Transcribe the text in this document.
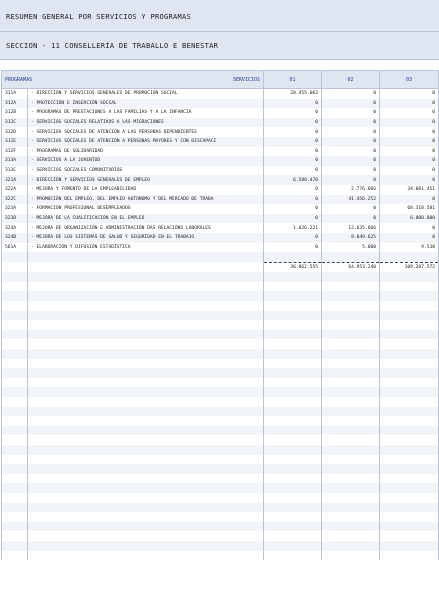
RESUMEN GENERAL POR SERVICIOS Y PROGRAMAS
SECCION - 11 CONSELLERÍA DE TRABALLO E BENESTAR
PROGRAMAS SERVICIOS		01	02	03
311A	- DIRECCIÓN Y SERVICIOS GENERALES DE PROMOCIÓN SOCIAL	28.455.063	0	0
312A	- PROTECCIÓN E INSERCIÓN SOCIAL	0	0	0
312B	- PROGRAMAS DE PRESTACIONES A LAS FAMILIAS Y A LA INFANCIA	0	0	0
312C	- SERVICIOS SOCIALES RELATIVOS A LAS MIGRACIONES	0	0	0
312D	- SERVICIOS SOCIALES DE ATENCIÓN A LAS PERSONAS DEPENDIENTES	0	0	0
312E	- SERVICIOS SOCIALES DE ATENCIÓN A PERSONAS MAYORES Y CON DISCAPACI	0	0	0
312F	- PROGRAMAS DE SOLIDARIDAD	0	0	0
313A	- SERVICIOS A LA JUVENTUD	0	0	0
313C	- SERVICIOS SOCIALES COMUNITARIOS	0	0	0
321A	- DIRECCIÓN Y SERVICIOS GENERALES DE EMPLEO	6.580.470	0	0
322A	- MEJORA Y FOMENTO DE LA EMPLEABILIDAD	0	2.776.666	34.081.451
322C	- PROMOCIÓN DEL EMPLEO, DEL EMPLEO AUTÓNOMO Y DEL MERCADO DE TRABA	0	41.456.252	0
323A	- FORMACIÓN PROFESIONAL DESEMPLEADOS	0	0	68.318.581
323B	- MEJORA DE LA CUALIFICACIÓN EN EL EMPLEO	0	0	6.000.000
324A	- MEJORA DE ORGANIZACIÓN E ADMINISTRACIÓN DAS RELACIÓNS LABORALES	1.026.221	12.635.666	0
324B	- MEJORA DE LOS SISTEMAS DE SALUD Y SEGURIDAD EN EL TRABAJO	0	8.049.625	0
561A	- ELABORACIÓN Y DIFUSIÓN ESTADÍSTICA	0	5.000	9.530

		36.062.555	64.953.240	109.207.572
